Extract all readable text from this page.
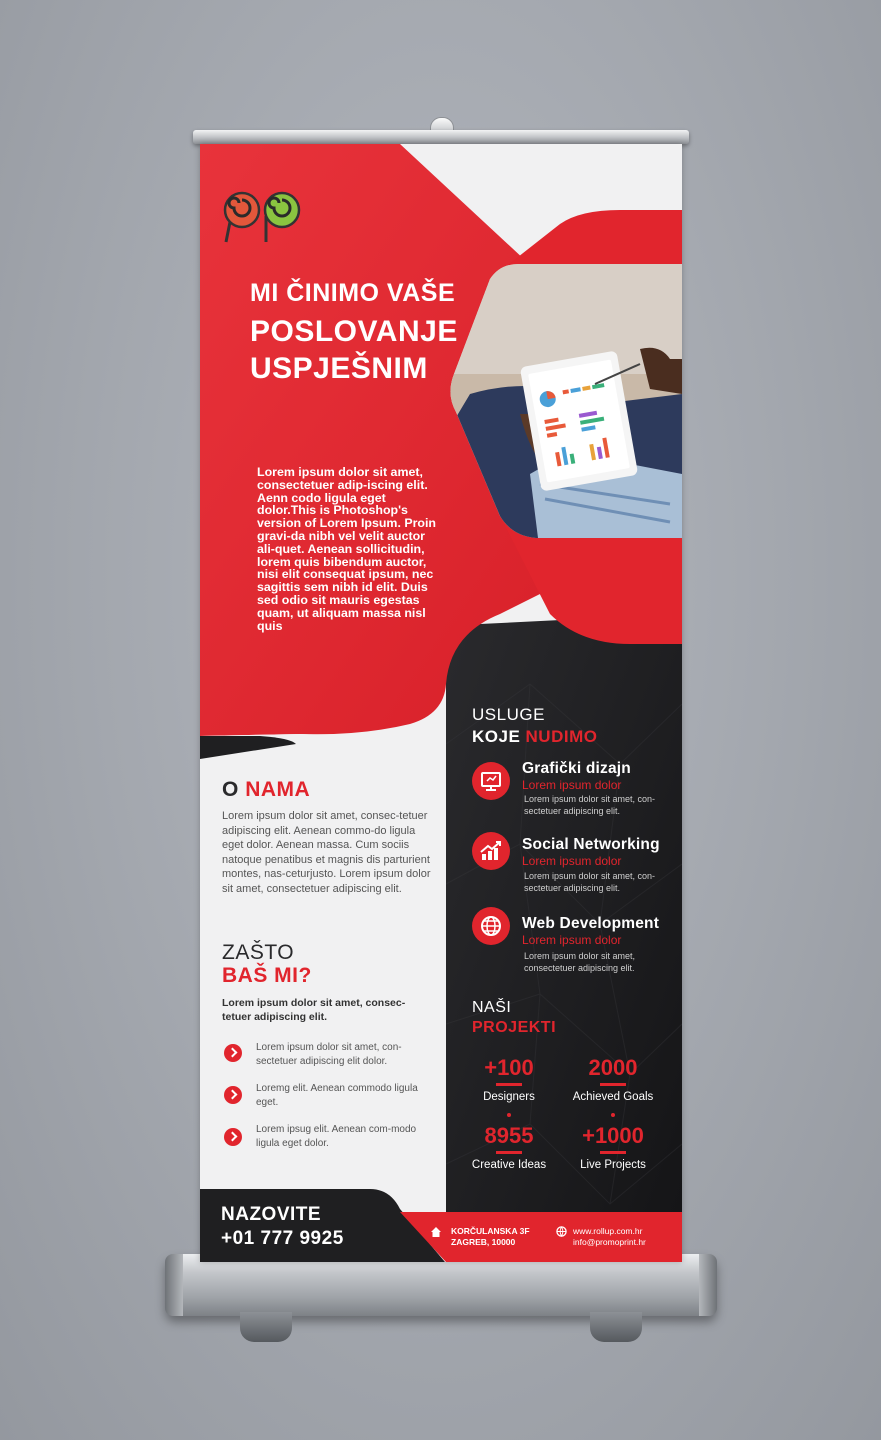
MI ČINIMO VAŠE

POSLOVANJE

USPJEŠNIM

Lorem ipsum dolor sit amet, consectetuer adip-iscing elit. Aenn codo ligula eget dolor.This is Photoshop's version of Lorem Ipsum. Proin gravi-da nibh vel velit auctor ali-quet. Aenean sollicitudin, lorem quis bibendum auctor, nisi elit consequat ipsum, nec sagittis sem nibh id elit. Duis sed odio sit mauris egestas quam, ut aliquam massa nisl quis

O NAMA

Lorem ipsum dolor sit amet, consec-tetuer adipiscing elit. Aenean commo-do ligula eget dolor. Aenean massa. Cum sociis natoque penatibus et magnis dis parturient montes, nas-ceturjusto. Lorem ipsum dolor sit amet, consectetuer adipiscing elit.

ZAŠTO

BAŠ MI?

Lorem ipsum dolor sit amet, consec-tetuer adipiscing elit.

Lorem ipsum dolor sit amet, con-sectetuer adipiscing elit dolor.

Loremg elit. Aenean commodo ligula eget.

Lorem ipsug elit. Aenean com-modo ligula eget dolor.

USLUGE

KOJE NUDIMO

Grafički dizajn

Lorem ipsum dolor

Lorem ipsum dolor sit amet, con-sectetuer adipiscing elit.

Social Networking

Lorem ipsum dolor

Lorem ipsum dolor sit amet, con-sectetuer adipiscing elit.

Web Development

Lorem ipsum dolor

Lorem ipsum dolor sit amet, consectetuer adipiscing elit.

NAŠI

PROJEKTI

+100

Designers

2000

Achieved Goals

8955

Creative Ideas

+1000

Live Projects

NAZOVITE

+01 777 9925	KORČULANSKA 3F

ZAGREB, 10000

www.rollup.com.hr

info@promoprint.hr
